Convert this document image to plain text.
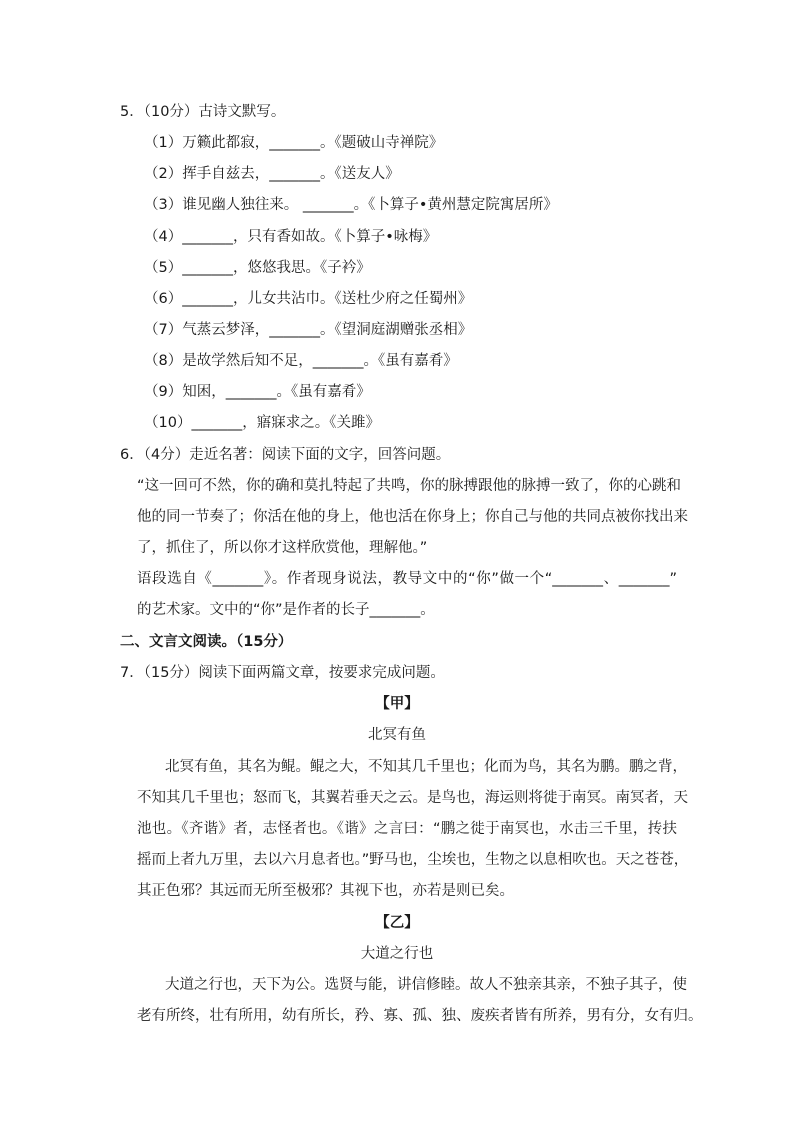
5．（10分）古诗文默写。
（1）万籁此都寂，_______。《题破山寺禅院》
（2）挥手自兹去，_______。《送友人》
（3）谁见幽人独往来。 _______。《卜算子•黄州慧定院寓居所》
（4）_______，只有香如故。《卜算子•咏梅》
（5）_______，悠悠我思。《子衿》
（6）_______，儿女共沾巾。《送杜少府之任蜀州》
（7）气蒸云梦泽，_______。《望洞庭湖赠张丞相》
（8）是故学然后知不足，_______。《虽有嘉肴》
（9）知困，_______。《虽有嘉肴》
（10）_______，寤寐求之。《关雎》
6．（4分）走近名著：阅读下面的文字，回答问题。
“这一回可不然，你的确和莫扎特起了共鸣，你的脉搏跟他的脉搏一致了，你的心跳和
他的同一节奏了；你活在他的身上，他也活在你身上；你自己与他的共同点被你找出来
了，抓住了，所以你才这样欣赏他，理解他。”
语段选自《_______》。作者现身说法，教导文中的“你”做一个“_______、_______”
的艺术家。文中的“你”是作者的长子_______。
二、文言文阅读。（15分）
7．（15分）阅读下面两篇文章，按要求完成问题。
【甲】
北冥有鱼
北冥有鱼，其名为鲲。鲲之大，不知其几千里也；化而为鸟，其名为鹏。鹏之背，
不知其几千里也；怒而飞，其翼若垂天之云。是鸟也，海运则将徙于南冥。南冥者，天
池也。《齐谐》者，志怪者也。《谐》之言曰：“鹏之徙于南冥也，水击三千里，抟扶
摇而上者九万里，去以六月息者也。”野马也，尘埃也，生物之以息相吹也。天之苍苍，
其正色邪？其远而无所至极邪？其视下也，亦若是则已矣。
【乙】
大道之行也
大道之行也，天下为公。选贤与能，讲信修睦。故人不独亲其亲，不独子其子，使
老有所终，壮有所用，幼有所长，矜、寡、孤、独、废疾者皆有所养，男有分，女有归。
